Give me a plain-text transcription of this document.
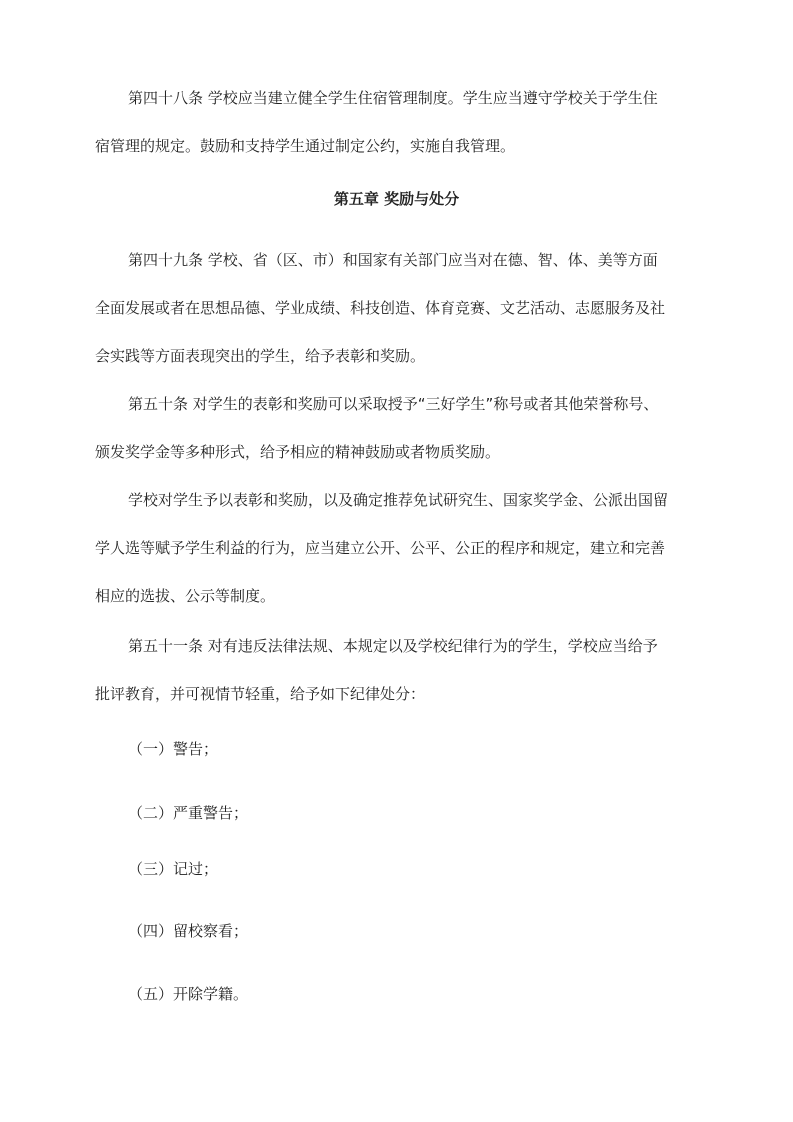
第四十八条 学校应当建立健全学生住宿管理制度。学生应当遵守学校关于学生住
宿管理的规定。鼓励和支持学生通过制定公约，实施自我管理。
第五章 奖励与处分
第四十九条 学校、省（区、市）和国家有关部门应当对在德、智、体、美等方面
全面发展或者在思想品德、学业成绩、科技创造、体育竞赛、文艺活动、志愿服务及社
会实践等方面表现突出的学生，给予表彰和奖励。
第五十条 对学生的表彰和奖励可以采取授予“三好学生”称号或者其他荣誉称号、
颁发奖学金等多种形式，给予相应的精神鼓励或者物质奖励。
学校对学生予以表彰和奖励，以及确定推荐免试研究生、国家奖学金、公派出国留
学人选等赋予学生利益的行为，应当建立公开、公平、公正的程序和规定，建立和完善
相应的选拔、公示等制度。
第五十一条 对有违反法律法规、本规定以及学校纪律行为的学生，学校应当给予
批评教育，并可视情节轻重，给予如下纪律处分：
（一）警告；
（二）严重警告；
（三）记过；
（四）留校察看；
（五）开除学籍。
